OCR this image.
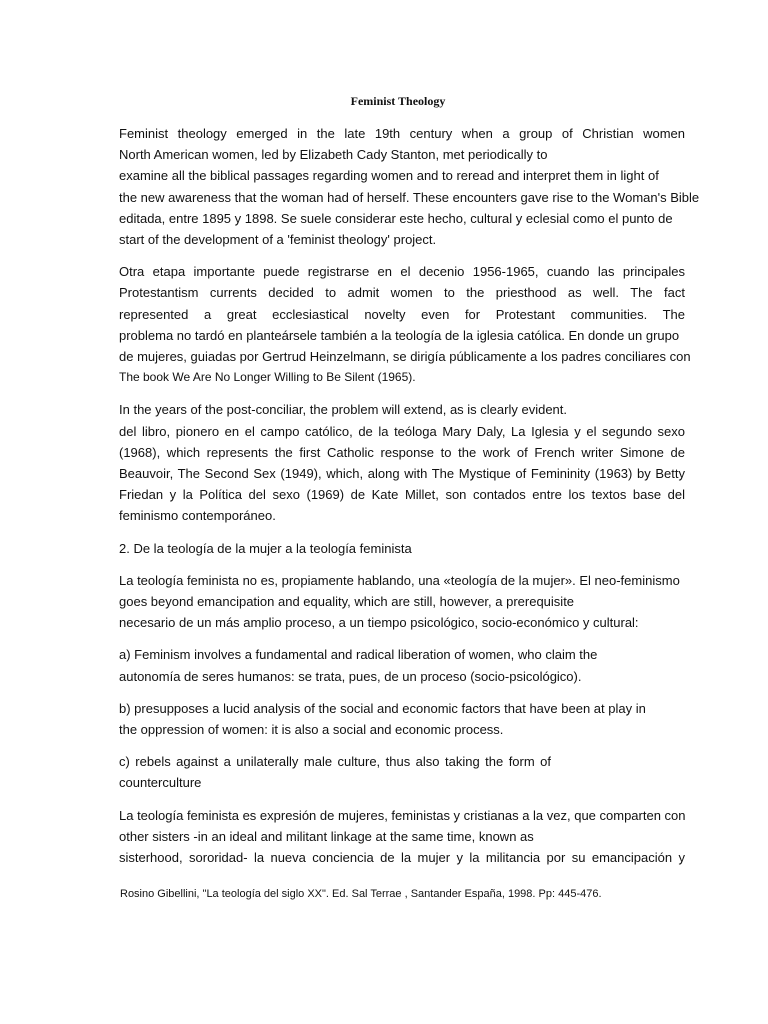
Feminist Theology
Feminist theology emerged in the late 19th century when a group of Christian women
North American women, led by Elizabeth Cady Stanton, met periodically to
examine all the biblical passages regarding women and to reread and interpret them in light of
the new awareness that the woman had of herself. These encounters gave rise to the Woman's Bible
editada, entre 1895 y 1898. Se suele considerar este hecho, cultural y eclesial como el punto de
start of the development of a 'feminist theology' project.
Otra etapa importante puede registrarse en el decenio 1956-1965, cuando las principales
Protestantism currents decided to admit women to the priesthood as well. The fact
represented a great ecclesiastical novelty even for Protestant communities. The
problema no tardó en planteársele también a la teología de la iglesia católica. En donde un grupo
de mujeres, guiadas por Gertrud Heinzelmann, se dirigía públicamente a los padres conciliares con
The book We Are No Longer Willing to Be Silent (1965).
In the years of the post-conciliar, the problem will extend, as is clearly evident.
del libro, pionero en el campo católico, de la teóloga Mary Daly, La Iglesia y el segundo sexo
(1968), which represents the first Catholic response to the work of French writer Simone de
Beauvoir, The Second Sex (1949), which, along with The Mystique of Femininity (1963) by Betty
Friedan y la Política del sexo (1969) de Kate Millet, son contados entre los textos base del
feminismo contemporáneo.
2. De la teología de la mujer a la teología feminista
La teología feminista no es, propiamente hablando, una «teología de la mujer». El neo-feminismo
goes beyond emancipation and equality, which are still, however, a prerequisite
necesario de un más amplio proceso, a un tiempo psicológico, socio-económico y cultural:
a) Feminism involves a fundamental and radical liberation of women, who claim the
autonomía de seres humanos: se trata, pues, de un proceso (socio-psicológico).
b) presupposes a lucid analysis of the social and economic factors that have been at play in
the oppression of women: it is also a social and economic process.
c) rebels against a unilaterally male culture, thus also taking the form of
counterculture
La teología feminista es expresión de mujeres, feministas y cristianas a la vez, que comparten con
other sisters -in an ideal and militant linkage at the same time, known as
sisterhood, sororidad- la nueva conciencia de la mujer y la militancia por su emancipación y
Rosino Gibellini, "La teología del siglo XX". Ed. Sal Terrae , Santander España, 1998. Pp: 445-476.
